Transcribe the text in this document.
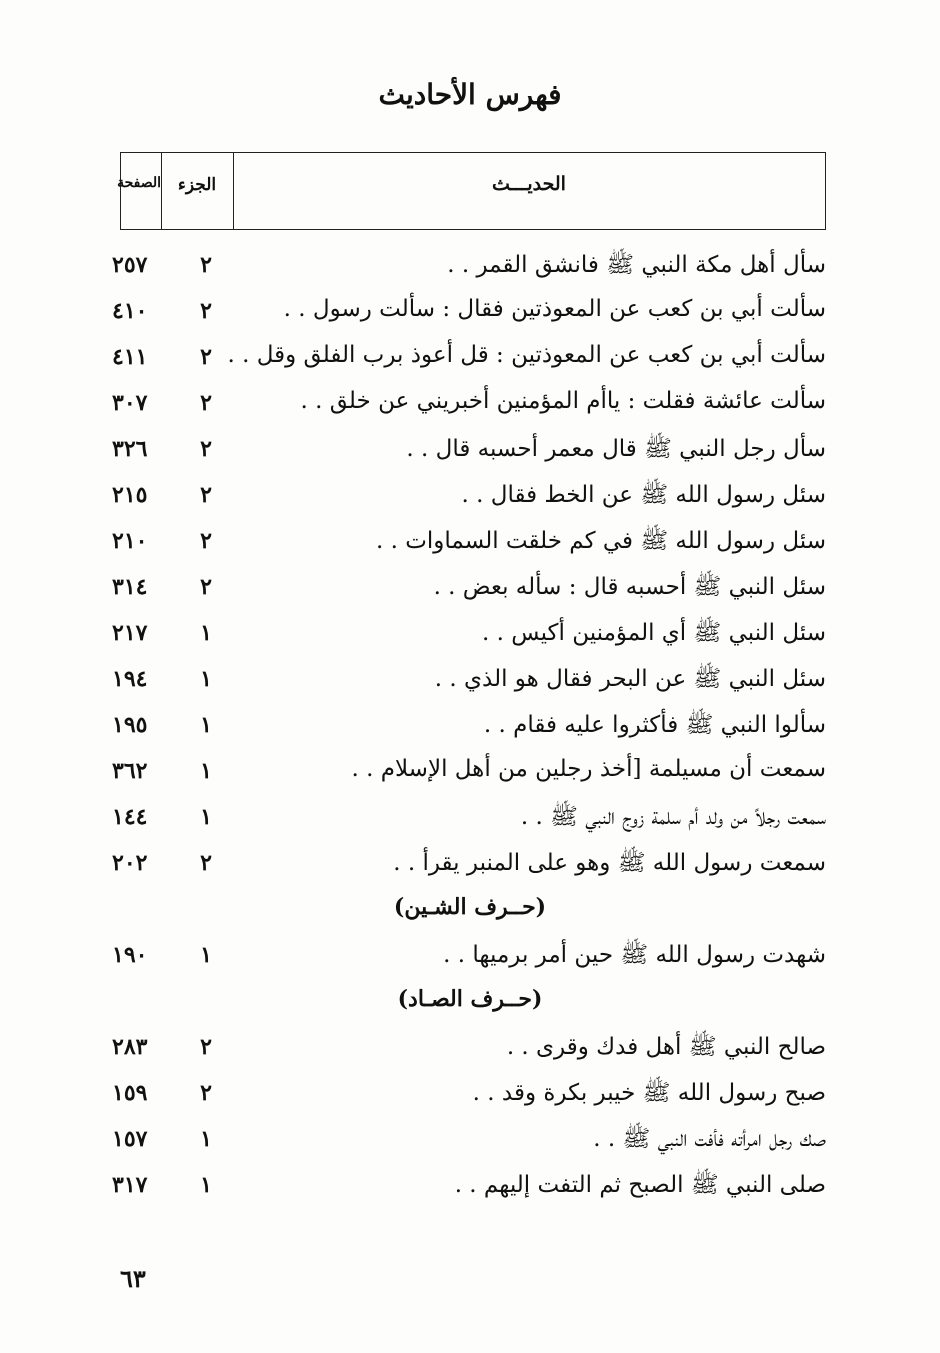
فهرس الأحاديث
الصفحة الجزء	الحديـــث
سأل أهل مكة النبي ﷺ فانشق القمر . .
٢
٢٥٧
سألت أبي بن كعب عن المعوذتين فقال : سألت رسول . .
٢
٤١٠
سألت أبي بن كعب عن المعوذتين : قل أعوذ برب الفلق وقل . .
٢
٤١١
سألت عائشة فقلت : ياأم المؤمنين أخبريني عن خلق . .
٢
٣٠٧
سأل رجل النبي ﷺ قال معمر أحسبه قال . .
٢
٣٢٦
سئل رسول الله ﷺ عن الخط فقال . .
٢
٢١٥
سئل رسول الله ﷺ في كم خلقت السماوات . .
٢
٢١٠
سئل النبي ﷺ أحسبه قال : سأله بعض . .
٢
٣١٤
سئل النبي ﷺ أي المؤمنين أكيس . .
١
٢١٧
سئل النبي ﷺ عن البحر فقال هو الذي . .
١
١٩٤
سألوا النبي ﷺ فأكثروا عليه فقام . .
١
١٩٥
سمعت أن مسيلمة [أخذ رجلين من أهل الإسلام . .
١
٣٦٢
سمعت رجلاً من ولد أم سلمة زوج النبي ﷺ . .
١
١٤٤
سمعت رسول الله ﷺ وهو على المنبر يقرأ . .
٢
٢٠٢
(حــرف الشـين)
شهدت رسول الله ﷺ حين أمر برميها . .
١
١٩٠
(حــرف الصـاد)
صالح النبي ﷺ أهل فدك وقرى . .
٢
٢٨٣
صبح رسول الله ﷺ خيبر بكرة وقد . .
٢
١٥٩
صك رجل امرأته فأفت النبي ﷺ . .
١
١٥٧
صلى النبي ﷺ الصبح ثم التفت إليهم . .
١
٣١٧
٦٣
